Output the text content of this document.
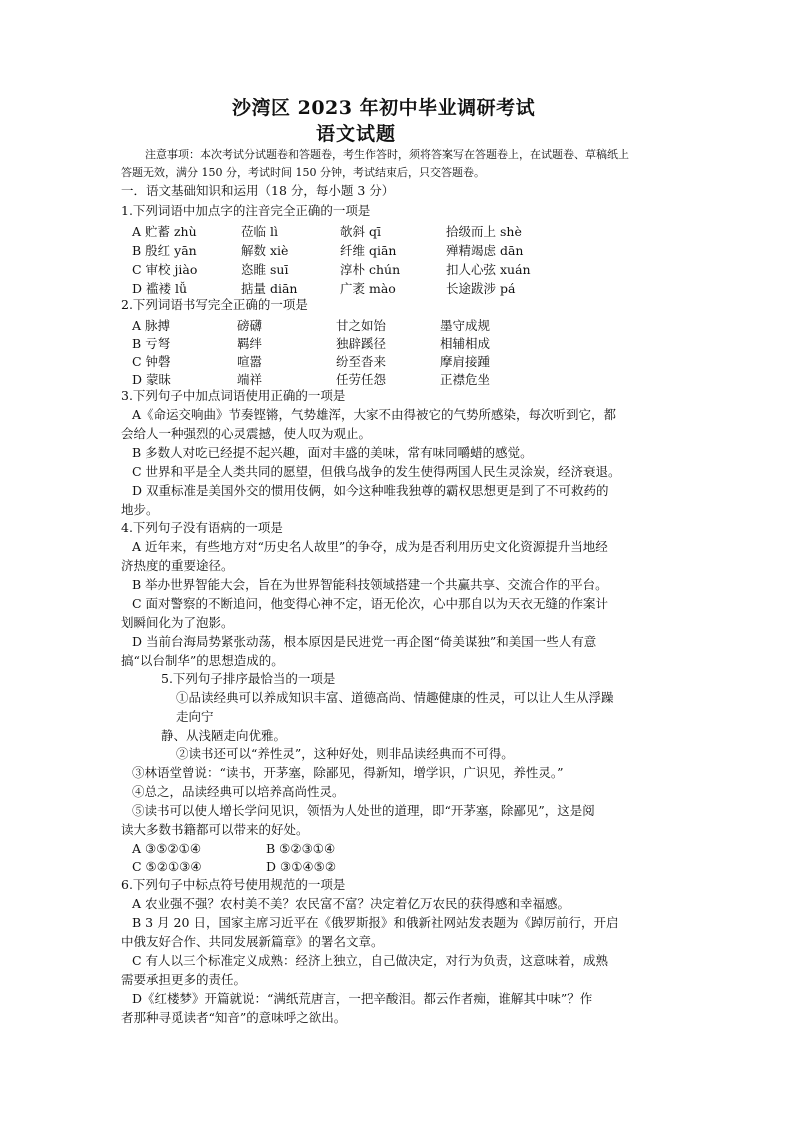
沙湾区 2023 年初中毕业调研考试
语文试题
注意事项：本次考试分试题卷和答题卷，考生作答时，须将答案写在答题卷上，在试题卷、草稿纸上
答题无效，满分 150 分，考试时间 150 分钟，考试结束后，只交答题卷。
一．语文基础知识和运用（18 分，每小题 3 分）
1.下列词语中加点字的注音完全正确的一项是
A 贮蓄 zhù	莅临 lì	欹斜 qī	拾级而上 shè
B 殷红 yān	解数 xiè	纤维 qiān	殚精竭虑 dān
C 审校 jiào	恣睢 suī	淳朴 chún	扣人心弦 xuán
D 褴褛 lǚ	掂量 diān	广袤 mào	长途跋涉 pá
2.下列词语书写完全正确的一项是
A 脉搏	磅礴	甘之如饴	墨守成规
B 亏弩	羁绊	独辟蹊径	相辅相成
C 钟磬	喧嚣	纷至沓来	摩肩接踵
D 蒙昧	端祥	任劳任怨	正襟危坐
3.下列句子中加点词语使用正确的一项是
A《命运交响曲》节奏铿锵，气势雄浑，大家不由得被它的气势所感染，每次听到它，都
会给人一种强烈的心灵震撼，使人叹为观止。
B 多数人对吃已经提不起兴趣，面对丰盛的美味，常有味同嚼蜡的感觉。
C 世界和平是全人类共同的愿望，但俄乌战争的发生使得两国人民生灵涂炭，经济衰退。
D 双重标准是美国外交的惯用伎俩，如今这种唯我独尊的霸权思想更是到了不可救药的
地步。
4.下列句子没有语病的一项是
A 近年来，有些地方对“历史名人故里”的争夺，成为是否利用历史文化资源提升当地经
济热度的重要途径。
B 举办世界智能大会，旨在为世界智能科技领域搭建一个共赢共享、交流合作的平台。
C 面对警察的不断追问，他变得心神不定，语无伦次，心中那自以为天衣无缝的作案计
划瞬间化为了泡影。
D 当前台海局势紧张动荡，根本原因是民进党一再企图“倚美谋独”和美国一些人有意
搞“以台制华”的思想造成的。
5.下列句子排序最恰当的一项是
①品读经典可以养成知识丰富、道德高尚、情趣健康的性灵，可以让人生从浮躁
走向宁
静、从浅陋走向优雅。
②读书还可以“养性灵”，这种好处，则非品读经典而不可得。
③林语堂曾说：“读书，开茅塞，除鄙见，得新知，增学识，广识见，养性灵。”
④总之，品读经典可以培养高尚性灵。
⑤读书可以使人增长学问见识，领悟为人处世的道理，即“开茅塞，除鄙见”，这是阅
读大多数书籍都可以带来的好处。
A ③⑤②①④	B ⑤②③①④
C ⑤②①③④	D ③①④⑤②
6.下列句子中标点符号使用规范的一项是
A 农业强不强？农村美不美？农民富不富？决定着亿万农民的获得感和幸福感。
B 3 月 20 日，国家主席习近平在《俄罗斯报》和俄新社网站发表题为《踔厉前行，开启
中俄友好合作、共同发展新篇章》的署名文章。
C 有人以三个标准定义成熟：经济上独立，自己做决定，对行为负责，这意味着，成熟
需要承担更多的责任。
D《红楼梦》开篇就说：“满纸荒唐言，一把辛酸泪。都云作者痴，谁解其中味”？作
者那种寻觅读者“知音”的意味呼之欲出。
